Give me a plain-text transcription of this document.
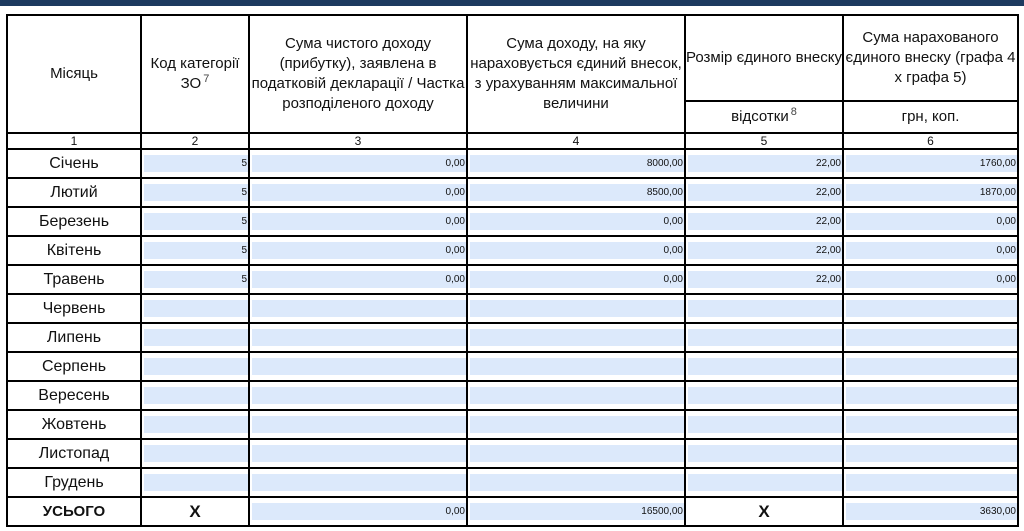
Місяць	Код категорії ЗО $^7$	Сума чистого доходу (прибутку), заявлена в податковій декларації / Частка розподіленого доходу	Сума доходу, на яку нараховується єдиний внесок, з урахуванням максимальної величини	Розмір єдиного внеску	Сума нарахованого єдиного внеску (графа 4 х графа 5)
				відсотки $^8$	грн, коп.
1	2	3	4	5	6
Січень	5	0,00	8000,00	22,00	1760,00

Лютий	5	0,00	8500,00	22,00	1870,00

Березень	5	0,00	0,00	22,00	0,00

Квітень	5	0,00	0,00	22,00	0,00

Травень	5	0,00	0,00	22,00	0,00

Червень	

Липень	

Серпень	

Вересень	

Жовтень	

Листопад	

Грудень	

УСЬОГО	Х	0,00	16500,00	Х	3630,00
